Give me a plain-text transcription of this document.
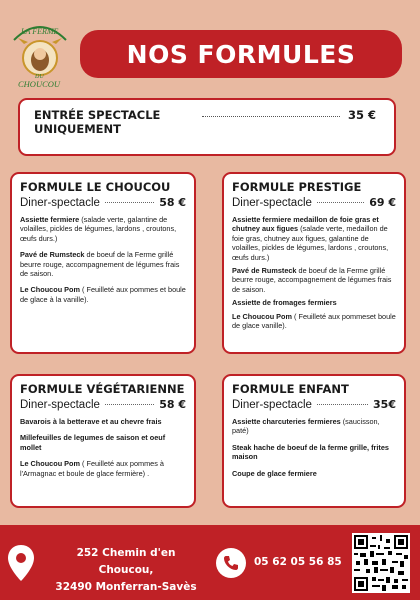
LA FERME
DU
CHOUCOU
NOS FORMULES
ENTRÉE SPECTACLE
UNIQUEMENT
35 €
FORMULE LE CHOUCOU
Diner-spectacle	58 €
Assiette fermiere (salade verte, galantine de volailles, pickles de légumes, lardons , croutons, œufs durs.)
Pavé de Rumsteck de boeuf de la Ferme grillé beurre rouge, accompagnement de légumes frais de saison.
Le Choucou Pom ( Feuilleté aux pommes et boule de glace à la vanille).
FORMULE PRESTIGE
Diner-spectacle	69 €
Assiette fermiere medaillon de foie gras et chutney aux figues (salade verte, medaillon de foie gras, chutney aux figues, galantine de volailles, pickles de légumes, lardons , croutons, œufs durs.)
Pavé de Rumsteck de boeuf de la Ferme grillé beurre rouge, accompagnement de légumes frais de saison.
Assiette de fromages fermiers
Le Choucou Pom ( Feuilleté aux pommeset boule de glace vanille).
FORMULE VÉGÉTARIENNE
Diner-spectacle	58 €
Bavarois à la betterave et au chevre frais
Millefeuilles de legumes de saison et oeuf mollet
Le Choucou Pom ( Feuilleté aux pommes à l'Armagnac et boule de glace fermière) .
FORMULE ENFANT
Diner-spectacle	35€
Assiette charcuteries fermieres (saucisson, paté)
Steak hache de boeuf de la ferme grille, frites maison
Coupe de glace fermiere
252 Chemin d'en Choucou,
32490 Monferran-Savès
05 62 05 56 85
